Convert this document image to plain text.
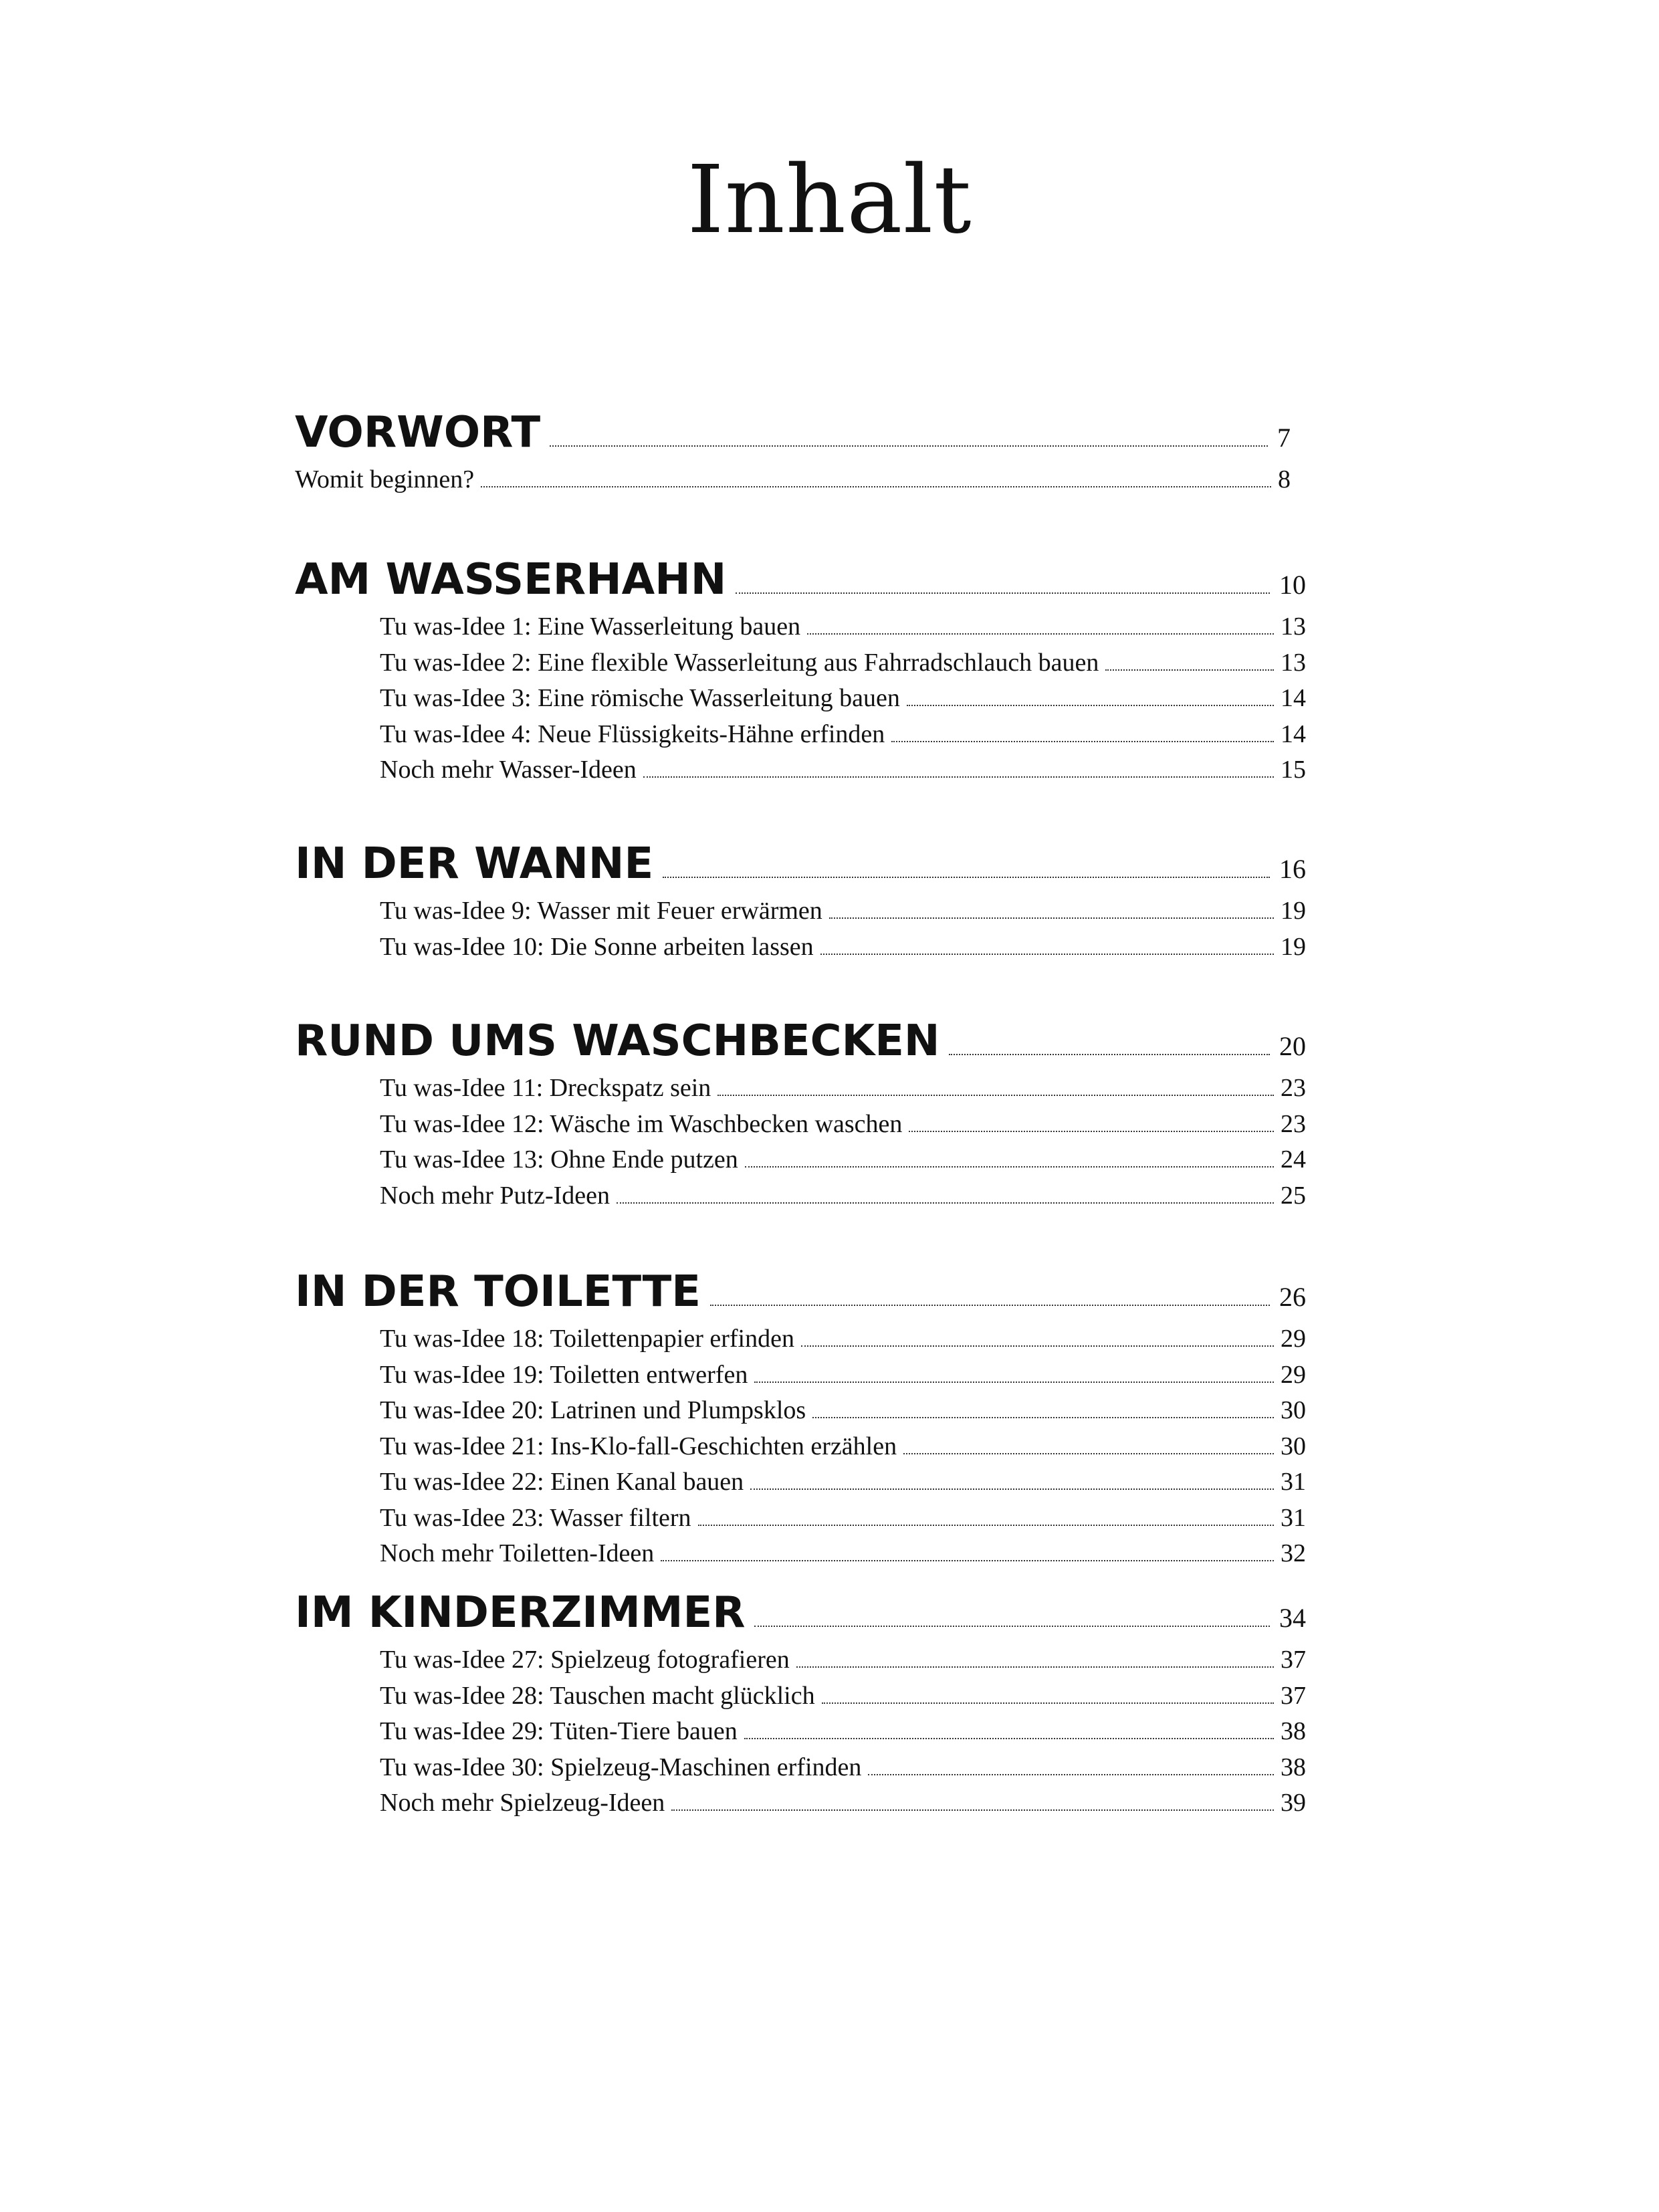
Inhalt
VORWORT	7
Womit beginnen?	8
AM WASSERHAHN	10
Tu was-Idee 1: Eine Wasserleitung bauen	13
Tu was-Idee 2: Eine flexible Wasserleitung aus Fahrradschlauch bauen	13
Tu was-Idee 3: Eine römische Wasserleitung bauen	14
Tu was-Idee 4: Neue Flüssigkeits-Hähne erfinden	14
Noch mehr Wasser-Ideen	15
IN DER WANNE	16
Tu was-Idee 9: Wasser mit Feuer erwärmen	19
Tu was-Idee 10: Die Sonne arbeiten lassen	19
RUND UMS WASCHBECKEN	20
Tu was-Idee 11: Dreckspatz sein	23
Tu was-Idee 12: Wäsche im Waschbecken waschen	23
Tu was-Idee 13: Ohne Ende putzen	24
Noch mehr Putz-Ideen	25
IN DER TOILETTE	26
Tu was-Idee 18: Toilettenpapier erfinden	29
Tu was-Idee 19: Toiletten entwerfen	29
Tu was-Idee 20: Latrinen und Plumpsklos	30
Tu was-Idee 21: Ins-Klo-fall-Geschichten erzählen	30
Tu was-Idee 22: Einen Kanal bauen	31
Tu was-Idee 23: Wasser filtern	31
Noch mehr Toiletten-Ideen	32
IM KINDERZIMMER	34
Tu was-Idee 27: Spielzeug fotografieren	37
Tu was-Idee 28: Tauschen macht glücklich	37
Tu was-Idee 29: Tüten-Tiere bauen	38
Tu was-Idee 30: Spielzeug-Maschinen erfinden	38
Noch mehr Spielzeug-Ideen	39
